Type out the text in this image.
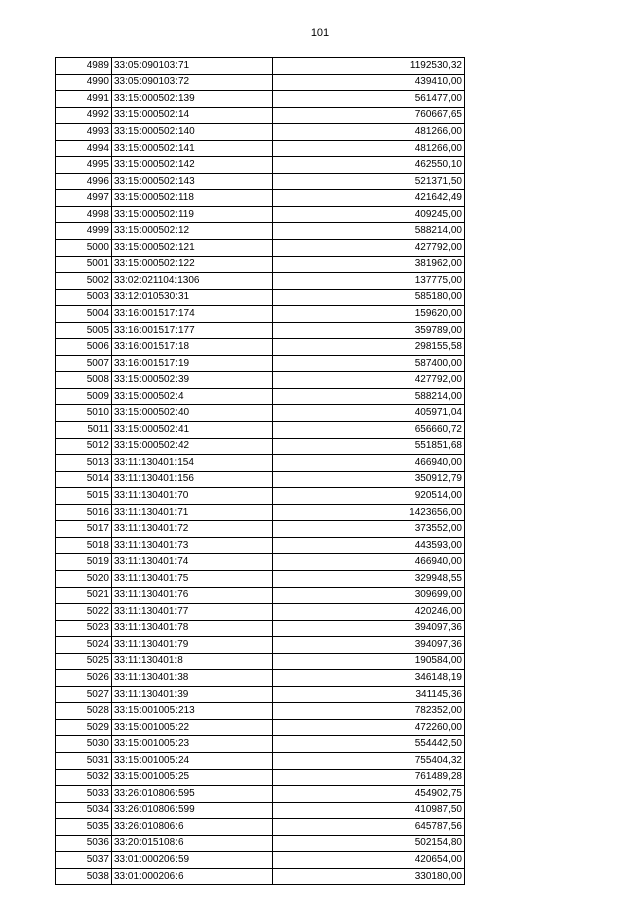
101
4989	33:05:090103:71	1192530,32
4990	33:05:090103:72	439410,00
4991	33:15:000502:139	561477,00
4992	33:15:000502:14	760667,65
4993	33:15:000502:140	481266,00
4994	33:15:000502:141	481266,00
4995	33:15:000502:142	462550,10
4996	33:15:000502:143	521371,50
4997	33:15:000502:118	421642,49
4998	33:15:000502:119	409245,00
4999	33:15:000502:12	588214,00
5000	33:15:000502:121	427792,00
5001	33:15:000502:122	381962,00
5002	33:02:021104:1306	137775,00
5003	33:12:010530:31	585180,00
5004	33:16:001517:174	159620,00
5005	33:16:001517:177	359789,00
5006	33:16:001517:18	298155,58
5007	33:16:001517:19	587400,00
5008	33:15:000502:39	427792,00
5009	33:15:000502:4	588214,00
5010	33:15:000502:40	405971,04
5011	33:15:000502:41	656660,72
5012	33:15:000502:42	551851,68
5013	33:11:130401:154	466940,00
5014	33:11:130401:156	350912,79
5015	33:11:130401:70	920514,00
5016	33:11:130401:71	1423656,00
5017	33:11:130401:72	373552,00
5018	33:11:130401:73	443593,00
5019	33:11:130401:74	466940,00
5020	33:11:130401:75	329948,55
5021	33:11:130401:76	309699,00
5022	33:11:130401:77	420246,00
5023	33:11:130401:78	394097,36
5024	33:11:130401:79	394097,36
5025	33:11:130401:8	190584,00
5026	33:11:130401:38	346148,19
5027	33:11:130401:39	341145,36
5028	33:15:001005:213	782352,00
5029	33:15:001005:22	472260,00
5030	33:15:001005:23	554442,50
5031	33:15:001005:24	755404,32
5032	33:15:001005:25	761489,28
5033	33:26:010806:595	454902,75
5034	33:26:010806:599	410987,50
5035	33:26:010806:6	645787,56
5036	33:20:015108:6	502154,80
5037	33:01:000206:59	420654,00
5038	33:01:000206:6	330180,00
